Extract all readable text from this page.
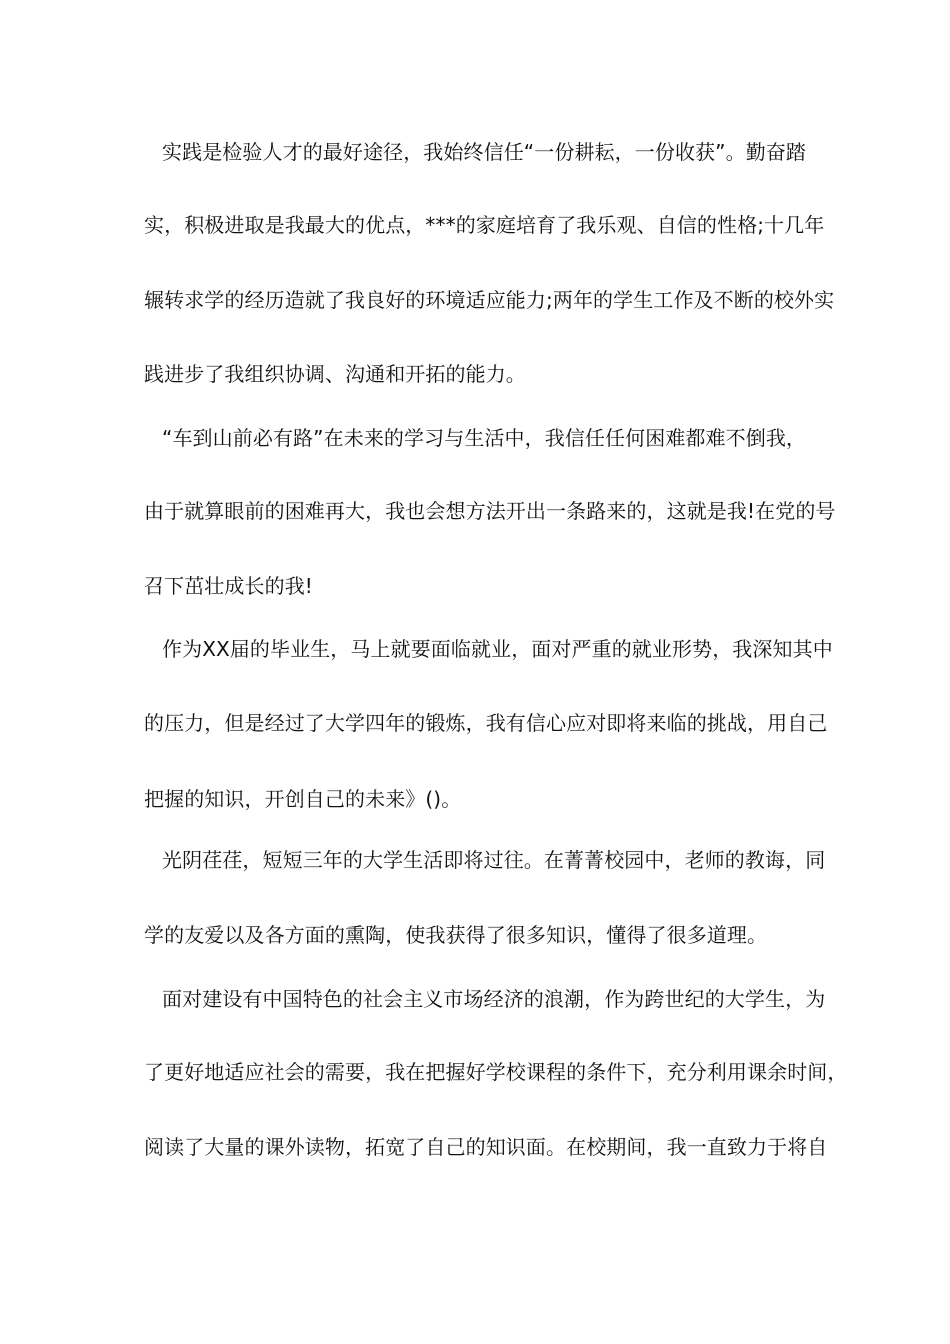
实践是检验人才的最好途径，我始终信任“一份耕耘，一份收获”。勤奋踏
实，积极进取是我最大的优点，***的家庭培育了我乐观、自信的性格;十几年
辗转求学的经历造就了我良好的环境适应能力;两年的学生工作及不断的校外实
践进步了我组织协调、沟通和开拓的能力。
“车到山前必有路”在未来的学习与生活中，我信任任何困难都难不倒我，
由于就算眼前的困难再大，我也会想方法开出一条路来的，这就是我!在党的号
召下茁壮成长的我!
作为XX届的毕业生，马上就要面临就业，面对严重的就业形势，我深知其中
的压力，但是经过了大学四年的锻炼，我有信心应对即将来临的挑战，用自己
把握的知识，开创自己的未来》()。
光阴荏荏，短短三年的大学生活即将过往。在菁菁校园中，老师的教诲，同
学的友爱以及各方面的熏陶，使我获得了很多知识，懂得了很多道理。
面对建设有中国特色的社会主义市场经济的浪潮，作为跨世纪的大学生，为
了更好地适应社会的需要，我在把握好学校课程的条件下，充分利用课余时间，
阅读了大量的课外读物，拓宽了自己的知识面。在校期间，我一直致力于将自
